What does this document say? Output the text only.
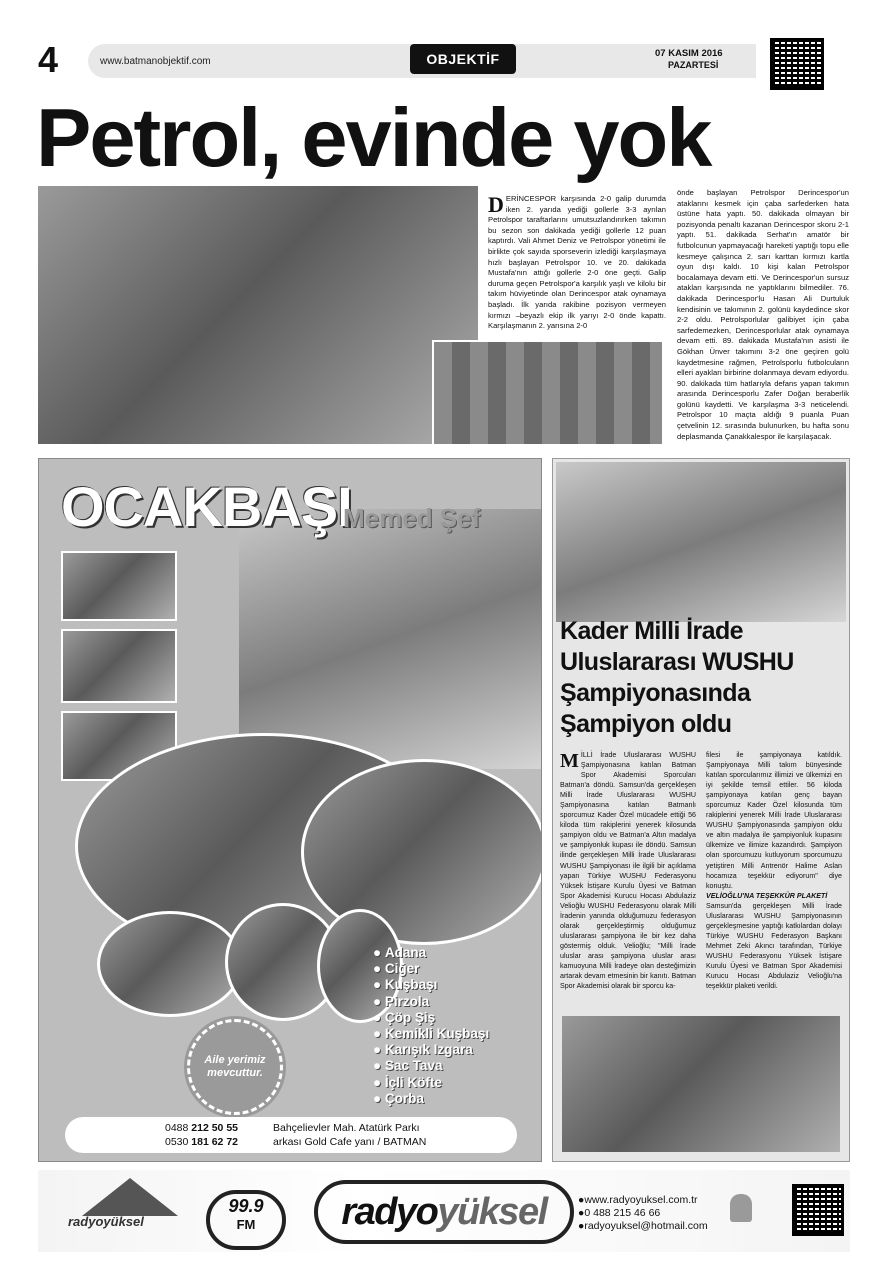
4	www.batmanobjektif.com	OBJEKTİF	07 KASIM 2016
PAZARTESİ
Petrol, evinde yok
DERİNCESPOR karşısında 2-0 galip durumda iken 2. yarıda yediği gollerle 3-3 ayrılan Petrolspor taraftarlarını umutsuzlandırırken takımın bu sezon son dakikada yediği gollerle 12 puan kaptırdı. Vali Ahmet Deniz ve Petrolspor yönetimi ile birlikte çok sayıda sporseverin izlediği karşılaşmaya hızlı başlayan Petrolspor 10. ve 20. dakikada Mustafa'nın attığı gollerle 2-0 öne geçti. Galip duruma geçen Petrolspor'a karşılık yaşlı ve kilolu bir takım hüviyetinde olan Derincespor atak oynamaya başladı. İlk yarıda rakibine pozisyon vermeyen kırmızı –beyazlı ekip ilk yarıyı 2-0 önde kapattı. Karşılaşmanın 2. yarısına 2-0
önde başlayan Petrolspor Derincespor'un ataklarını kesmek için çaba sarfederken hata üstüne hata yaptı. 50. dakikada olmayan bir pozisyonda penaltı kazanan Derincespor skoru 2-1 yaptı. 51. dakikada Serhat'ın amatör bir futbolcunun yapmayacağı hareketi yaptığı topu elle kesmeye çalışınca 2. sarı karttan kırmızı kartla oyun dışı kaldı. 10 kişi kalan Petrolspor bocalamaya devam etti. Ve Derincespor'un sursuz atakları karşısında ne yaptıklarını bilmediler. 76. dakikada Derincespor'lu Hasan Ali Durtuluk kendisinin ve takımının 2. golünü kaydedince skor 2-2 oldu. Petrolsporlular galibiyet için çaba sarfedemezken, Derincesporlular atak oynamaya devam etti. 89. dakikada Mustafa'nın asisti ile Gökhan Ünver takımını 3-2 öne geçiren golü kaydetmesine rağmen, Petrolsporlu futbolcuların elleri ayakları birbirine dolanmaya devam ediyordu. 90. dakikada tüm hatlarıyla defans yapan takımın arasında Derincesporlu Zafer Doğan beraberlik golünü kaydetti. Ve karşılaşma 3-3 neticelendi. Petrolspor 10 maçta aldığı 9 puanla Puan çetvelinin 12. sırasında bulunurken, bu hafta sonu deplasmanda Çanakkalespor ile karşılaşacak.
OCAKBAŞI
Memed Şef
Aile yerimiz mevcuttur.
● Adana
● Ciğer
● Kuşbaşı
● Pirzola
● Çöp Şiş
● Kemikli Kuşbaşı
● Karışık Izgara
● Sac Tava
● İçli Köfte
● Çorba
0488 212 50 55
0530 181 62 72
Bahçelievler Mah. Atatürk Parkı
arkası Gold Cafe yanı / BATMAN
Kader Milli İrade
Uluslararası WUSHU
Şampiyonasında
Şampiyon oldu
MİLLİ İrade Uluslararası WUSHU Şampiyonasına katılan Batman Spor Akademisi Sporcuları Batman'a döndü. Samsun'da gerçekleşen Milli İrade Uluslararası WUSHU Şampiyonasına katılan Batmanlı sporcumuz Kader Özel mücadele ettiği 56 kiloda tüm rakiplerini yenerek kilosunda şampiyon oldu ve Batman'a Altın madalya ve şampiyonluk kupası ile döndü. Samsun ilinde gerçekleşen Milli İrade Uluslararası WUSHU Şampiyonası ile ilgili bir açıklama yapan Türkiye WUSHU Federasyonu Yüksek İstişare Kurulu Üyesi ve Batman Spor Akademisi Kurucu Hocası Abdulaziz Velioğlu WUSHU Federasyonu olarak Milli İradenin yanında olduğumuzu federasyon olarak gerçekleştirmiş olduğumuz uluslararası şampiyona ile bir kez daha göstermiş olduk. Velioğlu; "Milli İrade uluslar arası şampiyona uluslar arası kamuoyuna Milli İradeye olan desteğimizin artarak devam etmesinin bir kanıtı. Batman Spor Akademisi olarak bir sporcu ka-
filesi ile şampiyonaya katıldık. Şampiyonaya Milli takım bünyesinde katılan sporcularımız illimizi ve ülkemizi en iyi şekilde temsil ettiler. 56 kiloda şampiyonaya katılan genç bayan sporcumuz Kader Özel kilosunda tüm rakiplerini yenerek Milli İrade Uluslararası WUSHU Şampiyonasında şampiyon oldu ve altın madalya ile şampiyonluk kupasını ülkemize ve ilimize kazandırdı. Şampiyon olan sporcumuzu kutluyorum sporcumuzu yetiştiren Milli Antrenör Halime Aslan hocamıza teşekkür ediyorum" diye konuştu.
VELİOĞLU'NA TEŞEKKÜR PLAKETİ
Samsun'da gerçekleşen Milli İrade Uluslararası WUSHU Şampiyonasının gerçekleşmesine yaptığı katkılardan dolayı Türkiye WUSHU Federasyon Başkanı Mehmet Zeki Akıncı tarafından, Türkiye WUSHU Federasyonu Yüksek İstişare Kurulu Üyesi ve Batman Spor Akademisi Kurucu Hocası Abdulaziz Velioğlu'na teşekkür plaketi verildi.
radyoyüksel
99.9
FM	radyoyüksel	●www.radyoyuksel.com.tr
●0 488 215 46 66
●radyoyuksel@hotmail.com
